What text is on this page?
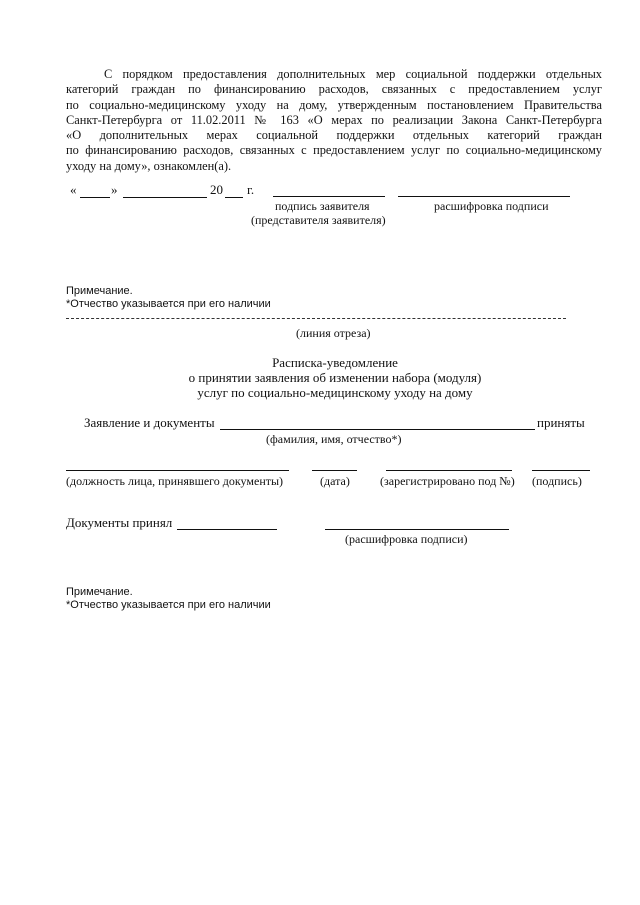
С порядком предоставления дополнительных мер социальной поддержки отдельных
категорий граждан по финансированию расходов, связанных с предоставлением услуг
по социально-медицинскому уходу на дому, утвержденным постановлением Правительства
Санкт-Петербурга от 11.02.2011 № 163 «О мерах по реализации Закона Санкт-Петербурга
«О дополнительных мерах социальной поддержки отдельных категорий граждан
по финансированию расходов, связанных с предоставлением услуг по социально-медицинскому
уходу на дому», ознакомлен(а).
«	»	20 г.
подпись заявителя	расшифровка подписи
(представителя заявителя)
Примечание.
*Отчество указывается при его наличии
(линия отреза)
Расписка-уведомление
о принятии заявления об изменении набора (модуля)
услуг по социально-медицинскому уходу на дому
Заявление и документы	приняты
(фамилия, имя, отчество*)
(должность лица, принявшего документы)	(дата)	(зарегистрировано под №) (подпись)
Документы принял
(расшифровка подписи)
Примечание.
*Отчество указывается при его наличии
